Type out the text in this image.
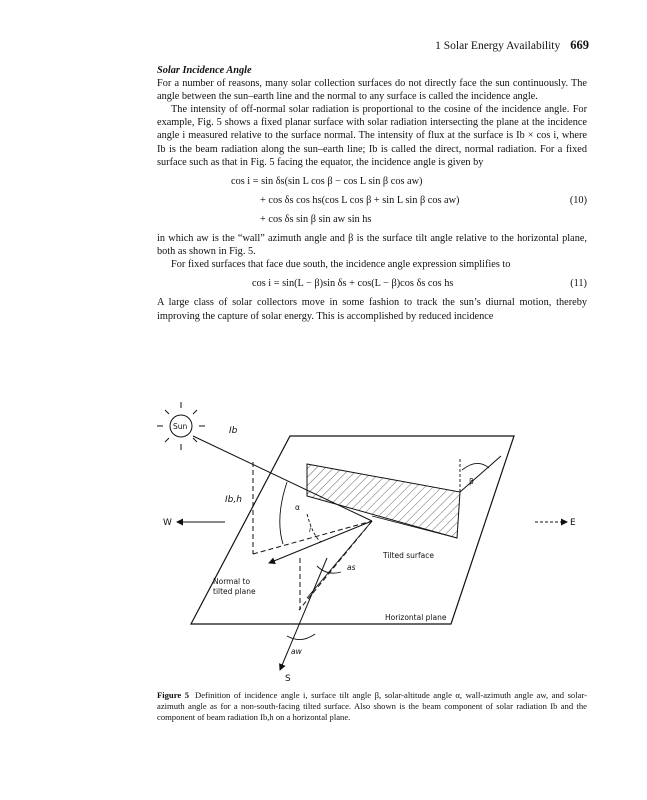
1 Solar Energy Availability 669
Solar Incidence Angle

For a number of reasons, many solar collection surfaces do not directly face the sun continuously. The angle between the sun–earth line and the normal to any surface is called the incidence angle.

The intensity of off-normal solar radiation is proportional to the cosine of the incidence angle. For example, Fig. 5 shows a fixed planar surface with solar radiation intersecting the plane at the incidence angle i measured relative to the surface normal. The intensity of flux at the surface is Ib × cos i, where Ib is the beam radiation along the sun–earth line; Ib is called the direct, normal radiation. For a fixed surface such as that in Fig. 5 facing the equator, the incidence angle is given by

cos i = sin δs(sin L cos β − cos L sin β cos aw)
+ cos δs cos hs(cos L cos β + sin L sin β cos aw)	(10)
+ cos δs sin β sin aw sin hs

in which aw is the “wall” azimuth angle and β is the surface tilt angle relative to the horizontal plane, both as shown in Fig. 5.

For fixed surfaces that face due south, the incidence angle expression simplifies to

cos i = sin(L − β)sin δs + cos(L − β)cos δs cos hs	(11)

A large class of solar collectors move in some fashion to track the sun’s diurnal motion, thereby improving the capture of solar energy. This is accomplished by reduced incidence

Sun	Ib
Ib,h
α
Normal to
tilted plane
i
as
S
aw
W	E
β
Tilted surface
Horizontal plane
Figure 5 Definition of incidence angle i, surface tilt angle β, solar-altitude angle α, wall-azimuth angle aw, and solar-azimuth angle as for a non-south-facing tilted surface. Also shown is the beam component of solar radiation Ib and the component of beam radiation Ib,h on a horizontal plane.
